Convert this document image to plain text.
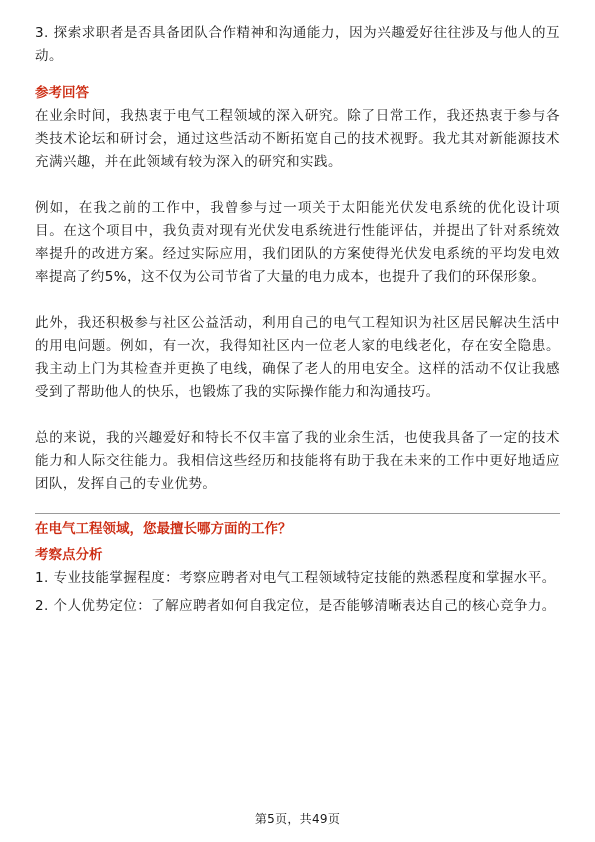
3. 探索求职者是否具备团队合作精神和沟通能力，因为兴趣爱好往往涉及与他人的互动。

参考回答

在业余时间，我热衷于电气工程领域的深入研究。除了日常工作，我还热衷于参与各类技术论坛和研讨会，通过这些活动不断拓宽自己的技术视野。我尤其对新能源技术充满兴趣，并在此领域有较为深入的研究和实践。

例如，在我之前的工作中，我曾参与过一项关于太阳能光伏发电系统的优化设计项目。在这个项目中，我负责对现有光伏发电系统进行性能评估，并提出了针对系统效率提升的改进方案。经过实际应用，我们团队的方案使得光伏发电系统的平均发电效率提高了约5%，这不仅为公司节省了大量的电力成本，也提升了我们的环保形象。

此外，我还积极参与社区公益活动，利用自己的电气工程知识为社区居民解决生活中的用电问题。例如，有一次，我得知社区内一位老人家的电线老化，存在安全隐患。我主动上门为其检查并更换了电线，确保了老人的用电安全。这样的活动不仅让我感受到了帮助他人的快乐，也锻炼了我的实际操作能力和沟通技巧。

总的来说，我的兴趣爱好和特长不仅丰富了我的业余生活，也使我具备了一定的技术能力和人际交往能力。我相信这些经历和技能将有助于我在未来的工作中更好地适应团队，发挥自己的专业优势。

在电气工程领域，您最擅长哪方面的工作？
考察点分析

1. 专业技能掌握程度：考察应聘者对电气工程领域特定技能的熟悉程度和掌握水平。

2. 个人优势定位：了解应聘者如何自我定位，是否能够清晰表达自己的核心竞争力。

第5页，共49页
